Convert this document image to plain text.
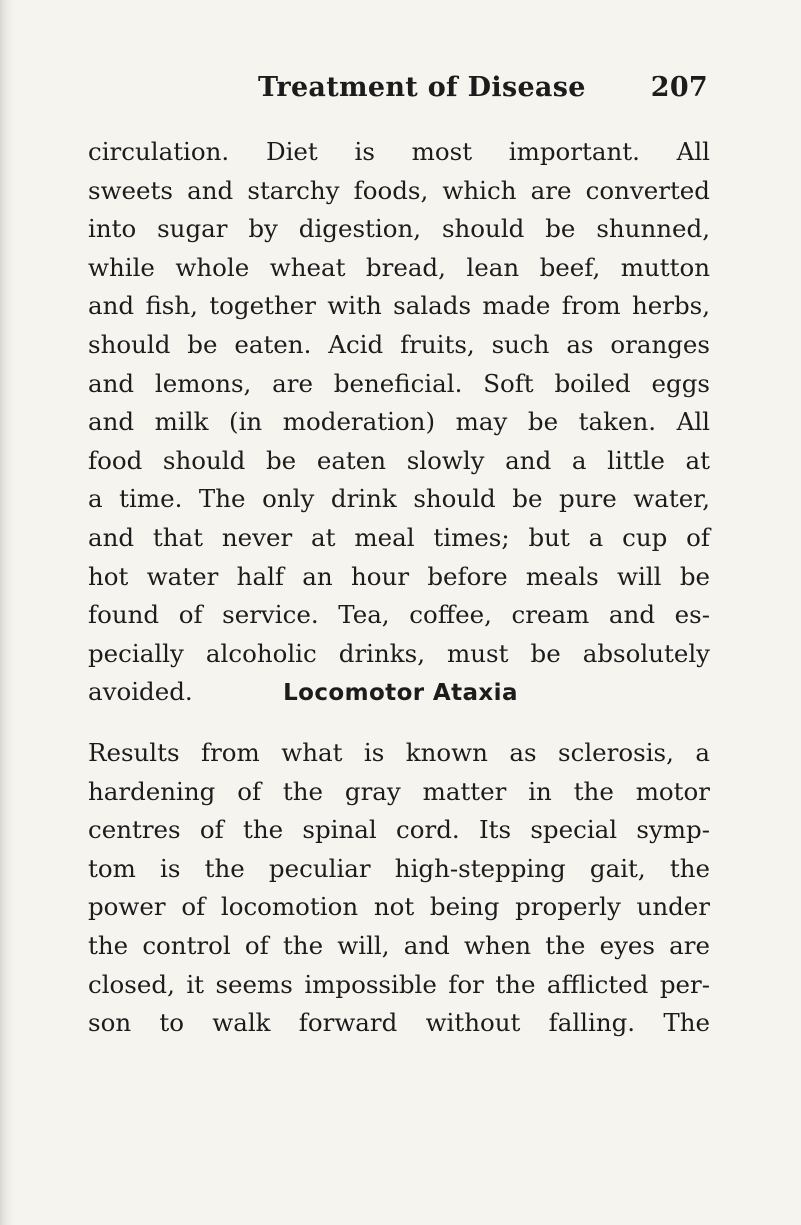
Treatment of Disease 207
circulation. Diet is most important. All
sweets and starchy foods, which are converted
into sugar by digestion, should be shunned,
while whole wheat bread, lean beef, mutton
and fish, together with salads made from herbs,
should be eaten. Acid fruits, such as oranges
and lemons, are beneficial. Soft boiled eggs
and milk (in moderation) may be taken. All
food should be eaten slowly and a little at
a time. The only drink should be pure water,
and that never at meal times; but a cup of
hot water half an hour before meals will be
found of service. Tea, coffee, cream and es-
pecially alcoholic drinks, must be absolutely
avoided.	Locomotor Ataxia
Results from what is known as sclerosis, a
hardening of the gray matter in the motor
centres of the spinal cord. Its special symp-
tom is the peculiar high-stepping gait, the
power of locomotion not being properly under
the control of the will, and when the eyes are
closed, it seems impossible for the afflicted per-
son to walk forward without falling. The
